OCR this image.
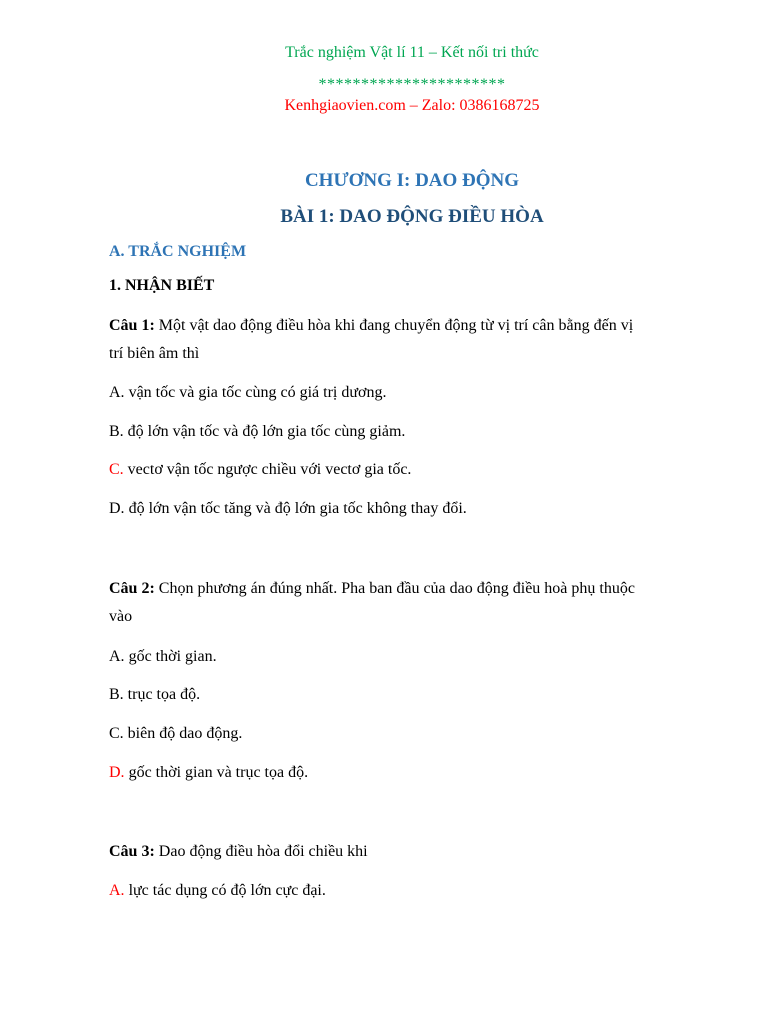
Trắc nghiệm Vật lí 11 – Kết nối tri thức
**********************
Kenhgiaovien.com – Zalo: 0386168725
CHƯƠNG I: DAO ĐỘNG
BÀI 1: DAO ĐỘNG ĐIỀU HÒA
A. TRẮC NGHIỆM
1. NHẬN BIẾT
Câu 1: Một vật dao động điều hòa khi đang chuyển động từ vị trí cân bằng đến vị
trí biên âm thì
A. vận tốc và gia tốc cùng có giá trị dương.
B. độ lớn vận tốc và độ lớn gia tốc cùng giảm.
C. vectơ vận tốc ngược chiều với vectơ gia tốc.
D. độ lớn vận tốc tăng và độ lớn gia tốc không thay đổi.
Câu 2: Chọn phương án đúng nhất. Pha ban đầu của dao động điều hoà phụ thuộc
vào
A. gốc thời gian.
B. trục tọa độ.
C. biên độ dao động.
D. gốc thời gian và trục tọa độ.
Câu 3: Dao động điều hòa đổi chiều khi
A. lực tác dụng có độ lớn cực đại.
